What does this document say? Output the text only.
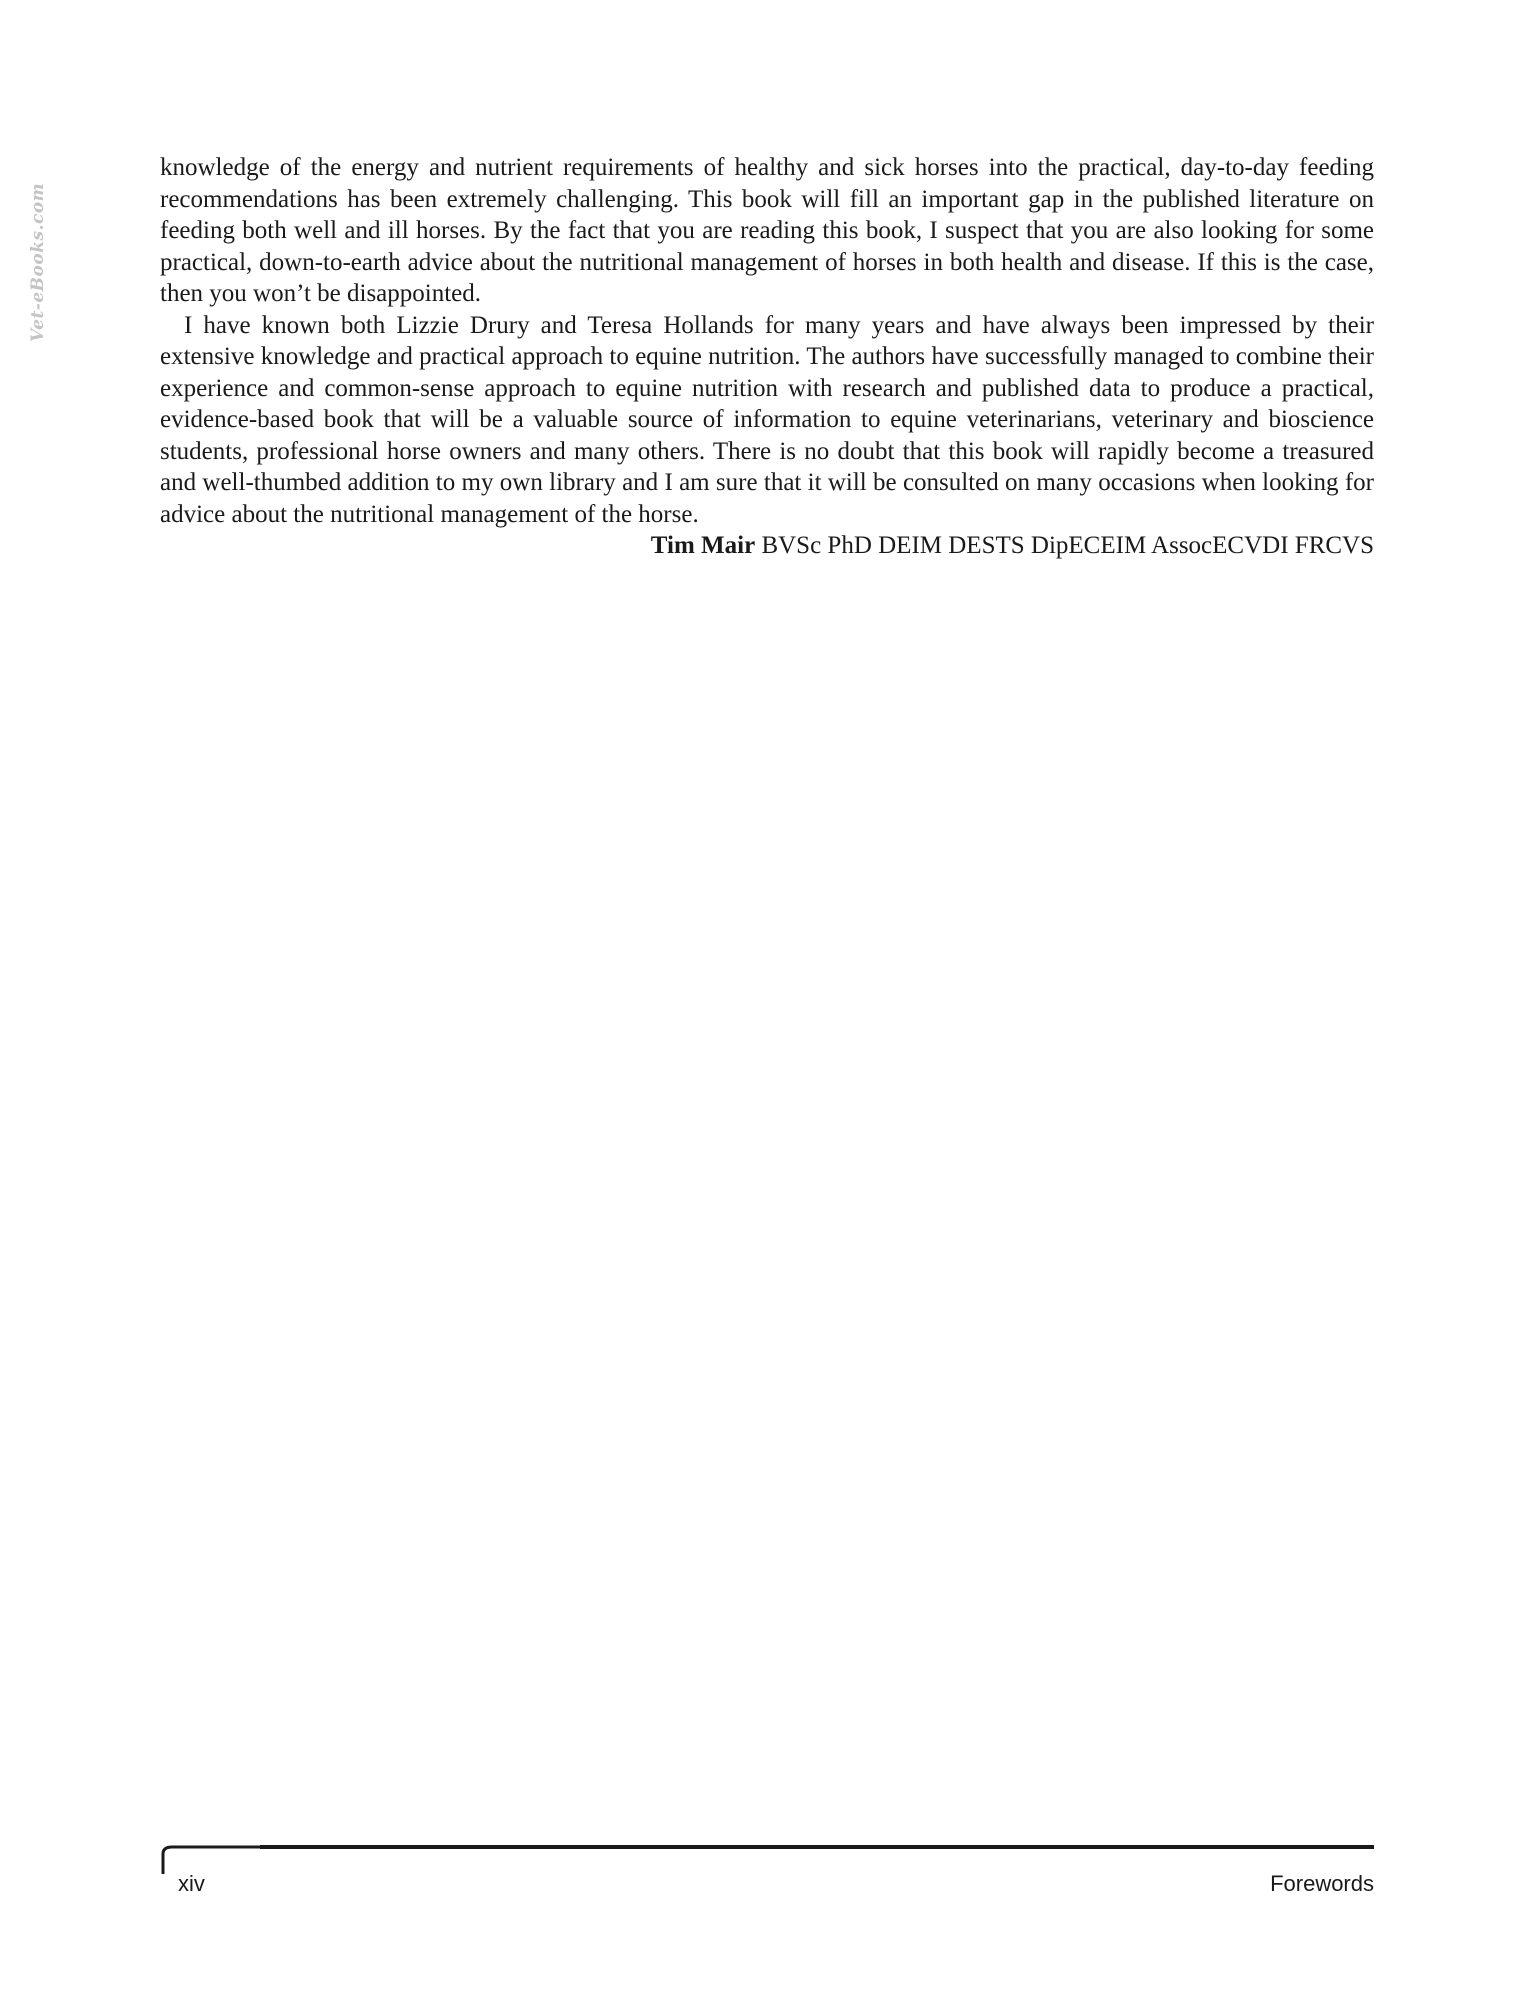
Vet-eBooks.com

knowledge of the energy and nutrient requirements of healthy and sick horses into the practical, day-to-day feeding recommendations has been extremely challenging. This book will fill an important gap in the published literature on feeding both well and ill horses. By the fact that you are reading this book, I suspect that you are also looking for some practical, down-to-earth advice about the nutritional management of horses in both health and disease. If this is the case, then you won’t be disappointed.

I have known both Lizzie Drury and Teresa Hollands for many years and have always been impressed by their extensive knowledge and practical approach to equine nutrition. The authors have successfully managed to combine their experience and common-sense approach to equine nutrition with research and published data to produce a practical, evidence-based book that will be a valuable source of information to equine veterinarians, veterinary and bioscience students, professional horse owners and many others. There is no doubt that this book will rapidly become a treasured and well-thumbed addition to my own library and I am sure that it will be consulted on many occasions when looking for advice about the nutritional management of the horse.

Tim Mair BVSc PhD DEIM DESTS DipECEIM AssocECVDI FRCVS

xiv	Forewords
